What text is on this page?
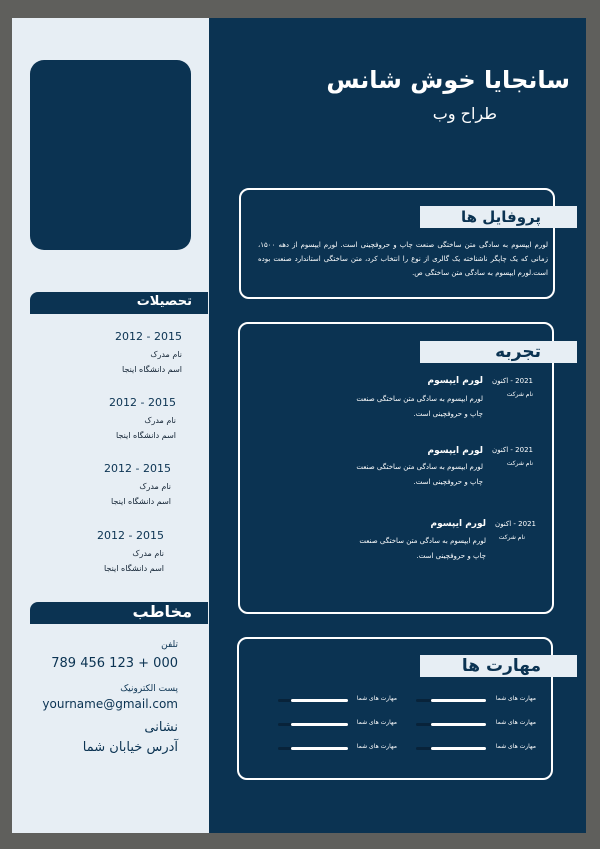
تحصیلات
2015 - 2012
نام مدرک
اسم دانشگاه اینجا
2015 - 2012
نام مدرک
اسم دانشگاه اینجا
2015 - 2012
نام مدرک
اسم دانشگاه اینجا
2015 - 2012
نام مدرک
اسم دانشگاه اینجا
مخاطب
تلفن
000 + 123 456 789
پست الکترونیک
yourname@gmail.com
نشانی
آدرس خیابان شما
سانجایا خوش شانس
طراح وب
پروفایل ها
لورم ایپسوم به سادگی متن ساختگی صنعت چاپ و حروفچینی است. لورم ایپسوم از دهه ۱۵۰۰، زمانی که یک چاپگر ناشناخته یک گالری از نوع را انتخاب کرد، متن ساختگی استاندارد صنعت بوده است.لورم ایپسوم به سادگی متن ساختگی ص.
تجربه
2021 - اکنون
نام شرکت
لورم ایپسوم
لورم ایپسوم به سادگی متن ساختگی صنعت چاپ و حروفچینی است.
2021 - اکنون
نام شرکت
لورم ایپسوم
لورم ایپسوم به سادگی متن ساختگی صنعت چاپ و حروفچینی است.
2021 - اکنون
نام شرکت
لورم ایپسوم
لورم ایپسوم به سادگی متن ساختگی صنعت چاپ و حروفچینی است.
مهارت ها
مهارت های شما
مهارت های شما
مهارت های شما
مهارت های شما
مهارت های شما
مهارت های شما
